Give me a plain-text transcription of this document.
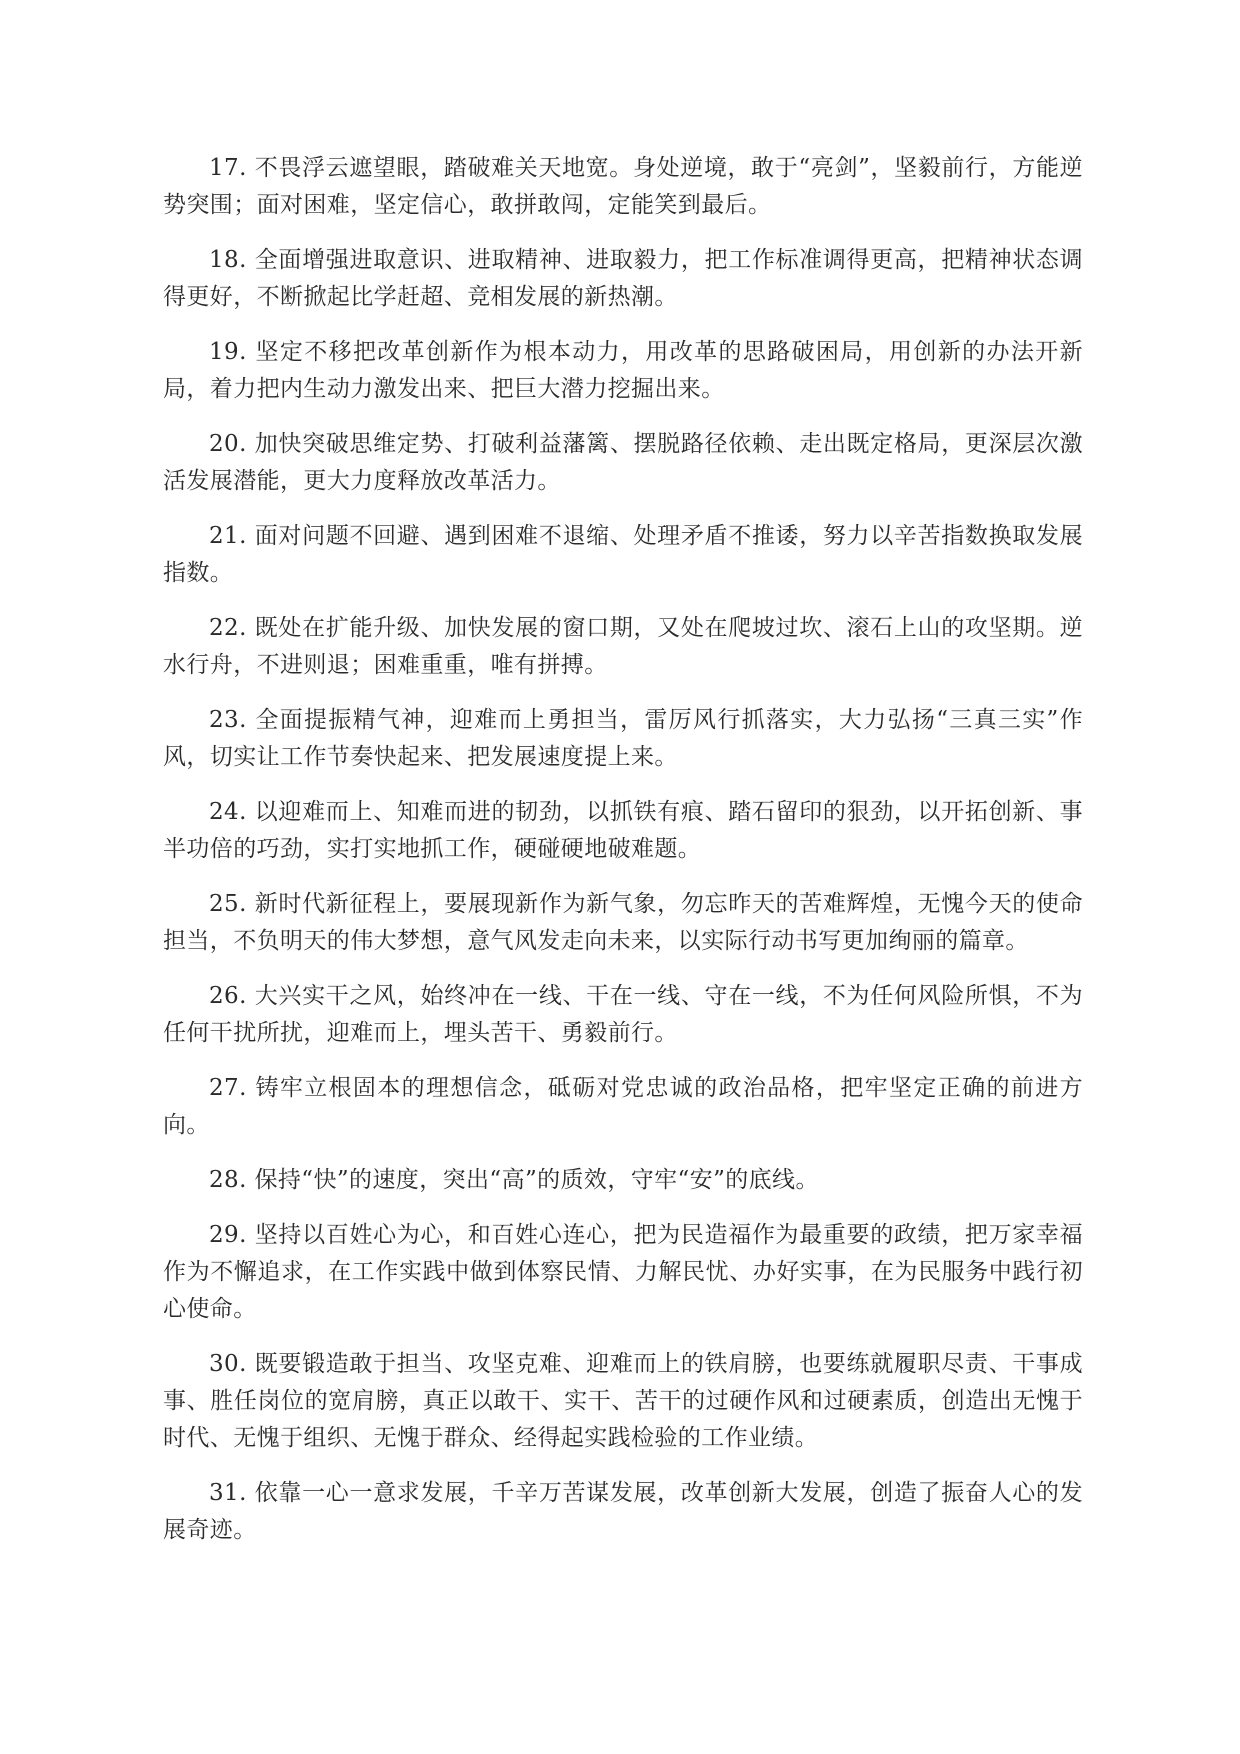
17. 不畏浮云遮望眼，踏破难关天地宽。身处逆境，敢于“亮剑”，坚毅前行，方能逆势突围；面对困难，坚定信心，敢拼敢闯，定能笑到最后。

18. 全面增强进取意识、进取精神、进取毅力，把工作标准调得更高，把精神状态调得更好，不断掀起比学赶超、竞相发展的新热潮。

19. 坚定不移把改革创新作为根本动力，用改革的思路破困局，用创新的办法开新局，着力把内生动力激发出来、把巨大潜力挖掘出来。

20. 加快突破思维定势、打破利益藩篱、摆脱路径依赖、走出既定格局，更深层次激活发展潜能，更大力度释放改革活力。

21. 面对问题不回避、遇到困难不退缩、处理矛盾不推诿，努力以辛苦指数换取发展指数。

22. 既处在扩能升级、加快发展的窗口期，又处在爬坡过坎、滚石上山的攻坚期。逆水行舟，不进则退；困难重重，唯有拼搏。

23. 全面提振精气神，迎难而上勇担当，雷厉风行抓落实，大力弘扬“三真三实”作风，切实让工作节奏快起来、把发展速度提上来。

24. 以迎难而上、知难而进的韧劲，以抓铁有痕、踏石留印的狠劲，以开拓创新、事半功倍的巧劲，实打实地抓工作，硬碰硬地破难题。

25. 新时代新征程上，要展现新作为新气象，勿忘昨天的苦难辉煌，无愧今天的使命担当，不负明天的伟大梦想，意气风发走向未来，以实际行动书写更加绚丽的篇章。

26. 大兴实干之风，始终冲在一线、干在一线、守在一线，不为任何风险所惧，不为任何干扰所扰，迎难而上，埋头苦干、勇毅前行。

27. 铸牢立根固本的理想信念，砥砺对党忠诚的政治品格，把牢坚定正确的前进方向。

28. 保持“快”的速度，突出“高”的质效，守牢“安”的底线。

29. 坚持以百姓心为心，和百姓心连心，把为民造福作为最重要的政绩，把万家幸福作为不懈追求，在工作实践中做到体察民情、力解民忧、办好实事，在为民服务中践行初心使命。

30. 既要锻造敢于担当、攻坚克难、迎难而上的铁肩膀，也要练就履职尽责、干事成事、胜任岗位的宽肩膀，真正以敢干、实干、苦干的过硬作风和过硬素质，创造出无愧于时代、无愧于组织、无愧于群众、经得起实践检验的工作业绩。

31. 依靠一心一意求发展，千辛万苦谋发展，改革创新大发展，创造了振奋人心的发展奇迹。
